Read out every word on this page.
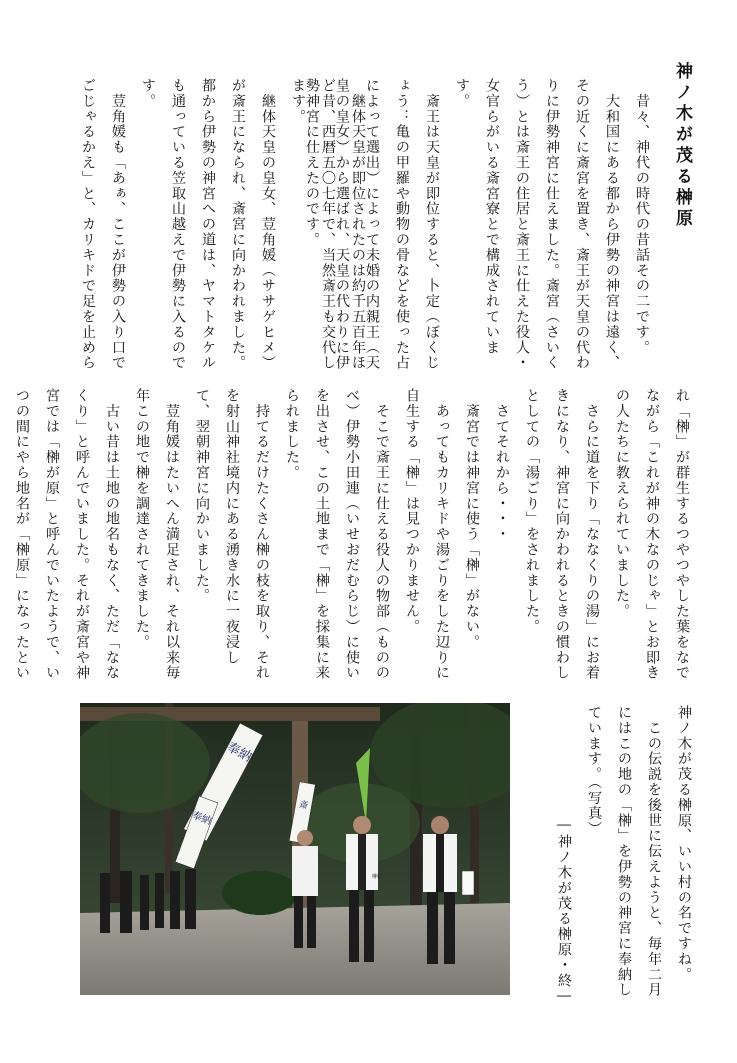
神ノ木が茂る榊原
　昔々、神代の時代の昔話その二です。
　大和国にある都から伊勢の神宮は遠く、その近くに斎宮を置き、斎王が天皇の代わりに伊勢神宮に仕えました。斎宮（さいくう）とは斎王の住居と斎王に仕えた役人・女官らがいる斎宮寮とで構成されています。
　斎王は天皇が即位すると、卜定（ぼくじょう：亀の甲羅や動物の骨などを使った占によって選出）によって未婚の内親王（天皇の皇女）から選ばれ、天皇の代わりに伊勢神宮に仕えたのです。	　継体天皇が即位されたのは約千五百年ほど昔、西暦五〇七年で、当然斎王も交代します。
　継体天皇の皇女、荳角媛（ササゲヒメ）が斎王になられ、斎宮に向かわれました。都から伊勢の神宮への道は、ヤマトタケルも通っている笠取山越えで伊勢に入るのです。
　荳角媛も「あぁ、ここが伊勢の入り口でごじゃるかえ」と、カリキドで足を止めら
れ「榊」が群生するつやつやした葉をなでながら「これが神の木なのじゃ」とお即きの人たちに教えられていました。
　さらに道を下り「ななくりの湯」にお着きになり、神宮に向かわれるときの慣わしとしての「湯ごり」をされました。
　さてそれから・・・
　斎宮では神宮に使う「榊」がない。
　あってもカリキドや湯ごりをした辺りに自生する「榊」は見つかりません。
　そこで斎王に仕える役人の物部（もののべ）伊勢小田連（いせおだむらじ）に使いを出させ、この土地まで「榊」を採集に来られました。
　持てるだけたくさん榊の枝を取り、それを射山神社境内にある湧き水に一夜浸して、翌朝神宮に向かいました。
　荳角媛はたいへん満足され、それ以来毎年この地で榊を調達されてきました。
　古い昔は土地の地名もなく、ただ「ななくり」と呼んでいました。それが斎宮や神宮では「榊が原」と呼んでいたようで、いつの間にやら地名が「榊原」になったとい
神ノ木が茂る榊原、いい村の名ですね。
　この伝説を後世に伝えようと、毎年二月にはこの地の「榊」を伊勢の神宮に奉納しています。（写真）
―神ノ木が茂る榊原・終―
奉納
奉納
斎
榊原
